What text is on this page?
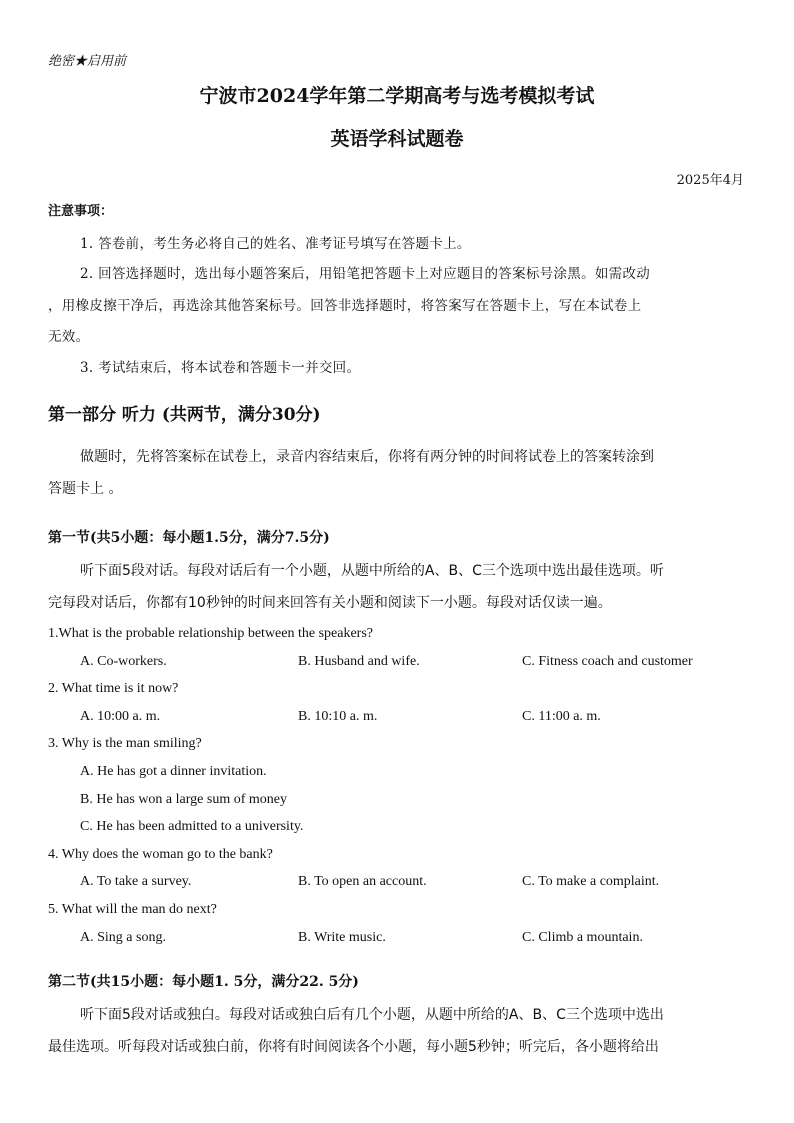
绝密★启用前
宁波市2024学年第二学期高考与选考模拟考试
英语学科试题卷
2025年4月
注意事项：
1. 答卷前，考生务必将自己的姓名、准考证号填写在答题卡上。
2. 回答选择题时，选出每小题答案后，用铅笔把答题卡上对应题目的答案标号涂黑。如需改动
，用橡皮擦干净后，再选涂其他答案标号。回答非选择题时，将答案写在答题卡上，写在本试卷上
无效。
3. 考试结束后，将本试卷和答题卡一并交回。
第一部分 听力 (共两节，满分30分)
做题时，先将答案标在试卷上，录音内容结束后，你将有两分钟的时间将试卷上的答案转涂到
答题卡上 。
第一节(共5小题：每小题1.5分，满分7.5分)
听下面5段对话。每段对话后有一个小题，从题中所给的A、B、C三个选项中选出最佳选项。听
完每段对话后，你都有10秒钟的时间来回答有关小题和阅读下一小题。每段对话仅读一遍。
1.What is the probable relationship between the speakers?
A. Co-workers.	B. Husband and wife.	C. Fitness coach and customer
2. What time is it now?
A. 10:00 a. m.	B. 10:10 a. m.	C. 11:00 a. m.
3. Why is the man smiling?
A. He has got a dinner invitation.
B. He has won a large sum of money
C. He has been admitted to a university.
4. Why does the woman go to the bank?
A. To take a survey.	B. To open an account.	C. To make a complaint.
5. What will the man do next?
A. Sing a song.	B. Write music.	C. Climb a mountain.
第二节(共15小题：每小题1. 5分，满分22. 5分)
听下面5段对话或独白。每段对话或独白后有几个小题，从题中所给的A、B、C三个选项中选出
最佳选项。听每段对话或独白前，你将有时间阅读各个小题，每小题5秒钟；听完后，各小题将给出
